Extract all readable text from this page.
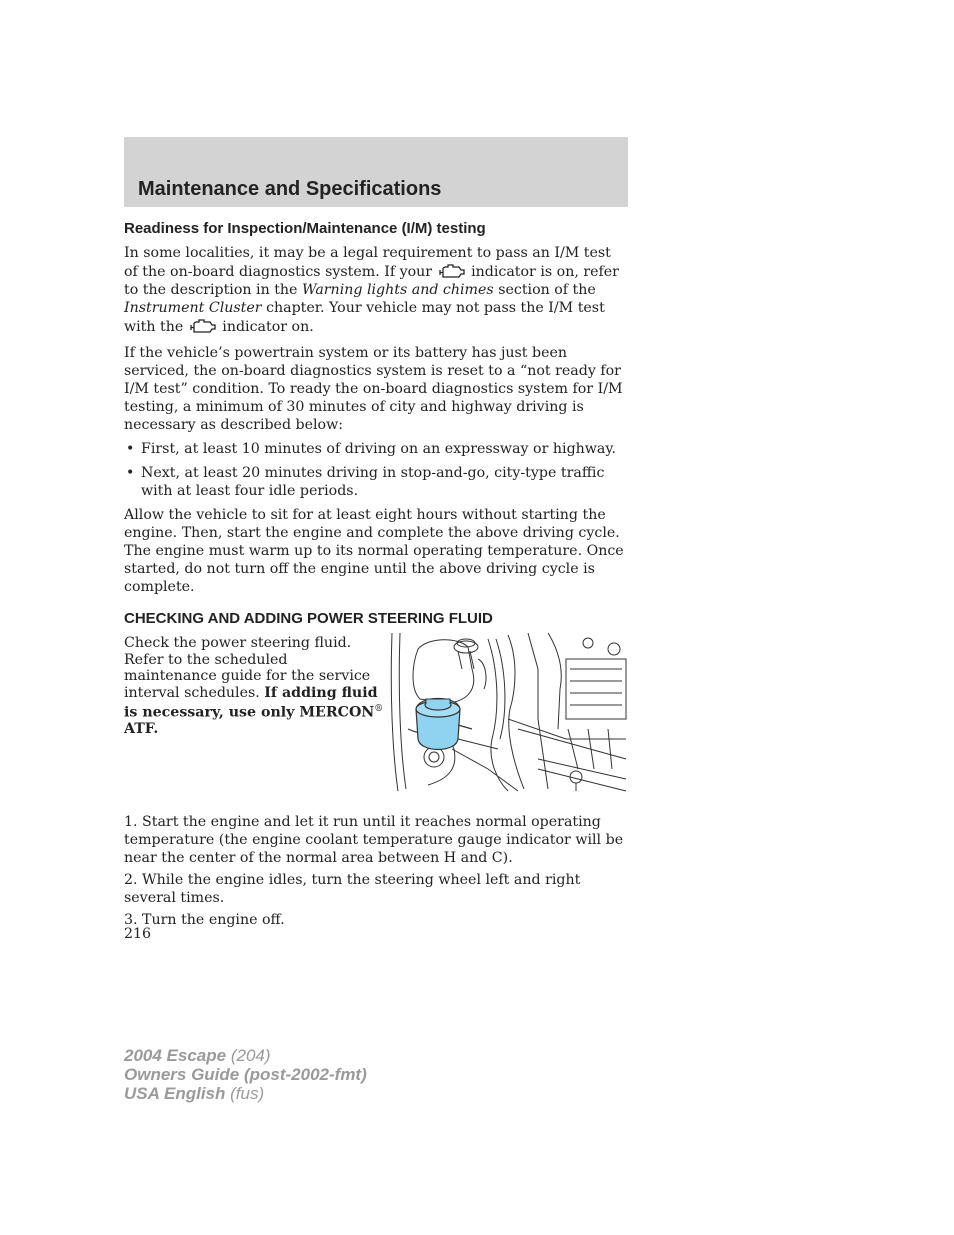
Maintenance and Specifications
Readiness for Inspection/Maintenance (I/M) testing

In some localities, it may be a legal requirement to pass an I/M test of the on-board diagnostics system. If your	indicator is on, refer to the description in the Warning lights and chimes section of the Instrument Cluster chapter. Your vehicle may not pass the I/M test with the	indicator on.

If the vehicle’s powertrain system or its battery has just been serviced, the on-board diagnostics system is reset to a “not ready for I/M test” condition. To ready the on-board diagnostics system for I/M testing, a minimum of 30 minutes of city and highway driving is necessary as described below:

• First, at least 10 minutes of driving on an expressway or highway.
• Next, at least 20 minutes driving in stop-and-go, city-type traffic with at least four idle periods.

Allow the vehicle to sit for at least eight hours without starting the engine. Then, start the engine and complete the above driving cycle. The engine must warm up to its normal operating temperature. Once started, do not turn off the engine until the above driving cycle is complete.

CHECKING AND ADDING POWER STEERING FLUID

Check the power steering fluid. Refer to the scheduled maintenance guide for the service interval schedules. If adding fluid is necessary, use only MERCON® ATF.

1. Start the engine and let it run until it reaches normal operating temperature (the engine coolant temperature gauge indicator will be near the center of the normal area between H and C).

2. While the engine idles, turn the steering wheel left and right several times.

3. Turn the engine off.

216

2004 Escape (204)
Owners Guide (post-2002-fmt)
USA English (fus)
